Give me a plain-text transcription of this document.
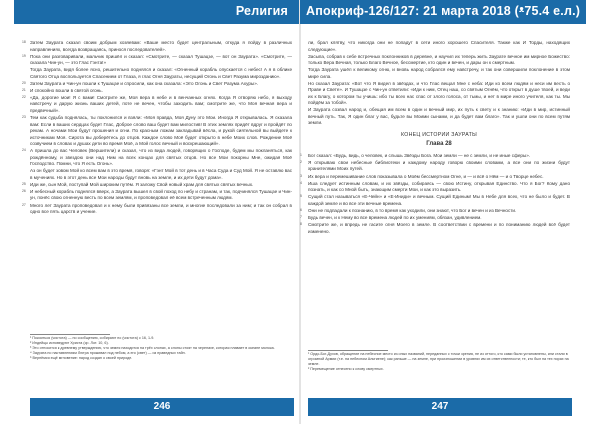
Религия
18 Затем Заурата сказал своим добрым хозяевам: «Ваше место будет центральным, откуда я пойду в различных направлениях, всегда возвращаясь, принося последователей».
19 Пока они разговаривали, мальчик пришёл и сказал: «Смотрите, — сказал Тушацзе, — вот он Заурата». «Смотрите, — сказала Чин-ун, — это Глас Гэнта!»
Тогда Заурата, видя более ясно, решительно поднялся и сказал: «Огненный корабль опускается с небес! А я в облике Святого Отца воспользуется Спасением от Глаза, я глас Огня Заураты, несущий Огонь и Свет Разума мирозданию».
20 Затем Заурата и Чин-ун пошли к Тушацзе и спросили, как она сказала: «Это Огонь и Свет Разума Ахуры».
21 И спокойно вошли в святой огонь.
22 «Да, дорогие мои! Я с вами! Смотрите же, Моя вера в небе и в венчанных огнях. Когда Я отворяю небо, я выходу навстречу и дарую жизнь ваших детей, поте не вечен, чтобы заходить вам; смотрите же, что Моя вечная вера и предвечный».
23 Тем как судьба поднялась, ты поклонился и взяли: «Моя правда, Моя Дуну это Мои. Иногда Я открывалась. Я сказала вам: Если в ваших сердцах будет Глас, Доброе слово ваш будет вам милостив! В этих землях придёт вдруг и пройдёт по рекам. А ночами Мои будут прошения и огни. По красным ложам закладывай вёсла, и рукой сиятельной вы выйдете к источникам Моя. Сирота вы доберётесь до отцов. Каждое слово Моё будет открыто в небе Моих слов. Рождение Моё созвучием в словах и душах дети во время Моё, а Мой голос вечный и воскрешающий».
24 А пришла до вас Человек (Вершители) и сказал, что из вида людей, говорящих о Господе, будем мы покланяться, как рождённому, и звездою они над Ним на всех концах для святых отцов. Но все Мои покорны Мне, ожидая Моё Господство. Помни, что Я есть Огонь».
Аз он будет зовом Мой ко всем вам в это время, говоря: «Гэнт Мой в тот день и в Часа Суда и Суд Мой. Я не оставлю вас в мучениях. Но в этот день все Мои народы будут вновь на земле, и их дети будут дома».
25 Иди же, сын Мой, поступай Мой широким путём. Я заложу Свой новый храм для святых святых вечных.
26 И небесный корабль поднялся вверх, а Заурата вышел в свой поход по небу и странам, и так, подчинялся Тушацзе и Чин-ун, понёс свою огненную весть по всем землям, и проповедовал её всем встреченным людям.
27 Много лет Заурата проповедовал и к нему были привязаны все земли, и многие последовали за ним; и так он собрал в одно все пять царств и учение.
¹ Покоиться (чистота) — по сообщению, собирают по (чистота) с 16, 1-9.
² Индейцы исповедуют Христа (ср. Лот. 10, 6).
³ Это относится к древнему утверждению, что земля находится на трёх слонах, а слоны стоят на черепахе, которая плавает в океане молока.
⁴ Заурата по наставлениям Лютра проживал под небом, а его (свет) — из праведных тайн.
⁵ Вернёмся ещё мгновение: народ создан о своей природе.
246
Апокриф-126/127: 21 марта 2018 (ᵜ75.4 е.л.)
ли, брал клятву, что никогда они не попадут в сети иного хорошего Спасителя. Также как И Торды, находящих следующие».
Засыпа, собрав к себе встречных поклонников в деревне, и научил их теперь жить Заурате вечное им мирное Божество: только Вера Вечная, только Благо Вечное, бессмертие, кто один и вечен, и дары он к смертным.
Тогда Заурата ушёл к великому огню, и вновь народ собрался ему навстречу, и так они совершили поклонение в этом мире сила.
Но сказал Заурата: «Вот что Я видел в звёздах, и что Глас вещал Мне с неба: Иди ко всем людям и неси им весть о Праве и Свете». И Тушацзе с Чин-ун ответили: «Иди к ним, Отец наш, со святым Огнём, что открыт в душе твоей, и веди их к Благу, о котором ты учишь: ибо ты всех нас спас от злого голоса, от тьмы, и нет в мире иного учителя, как ты. Мы пойдём за тобой».
И Заурата созвал народ и, обещая им всем в один и вечный мир, их путь к свету и к знанию: «Иди в мир, истинный вечный путь. Так, Я один благ у вас, будьте вы Моими сынами, и да будет вам благо». Так и ушли они по всем путям земли.
КОНЕЦ ИСТОРИИ ЗАУРАТЫ
Глава 28
1 Бог сказал: «Будь, видь, о человек, и слышь Звёзды Бога. Мои земли — не с земли, и не иные сферы».
2 Я открываю свои небесные библиотеки и каждому народу говорю своими словами, а все они по жизни будут хранителями Моих путей.
3 Их вера и перемешивание слов показывала о Моём бессмертном Огне, и — и всё о Нём — и о Творце небес.
4 Иша следует истинным словам, и их звёзды, собираясь — свою Истину, открывая Единство. Что я Бог? Кому дано познать, и как со Мной быть, знающим смерти Мои, и как это выразить.
5 Сущий стал называться «Е-Чейн» и «Е-Иниди» и вечным. Сущий Единым! Мы в Небе для всех, что не было и будет. В каждой земле и во все эти вечные времена.
6 Они не подпадали к познанию, в то время как уходили, они знают, что Бог и вечен и из Вечности.
7 Будь вечен, и к Нему во все времена людей по их умениям, обязан, удивлением.
8 Смотрите же, и впредь не гасите огня Моего в земле. В соответствии с времени и по пониманию людей всё будет изменено.
¹ Ордо-Бог-Духов, обращение на небесное место из оных названий, переданных с точки зрения, не из оттого, кто сами были установлены, или стали в огромной Армии (т.е. на небесном Альтиене); как раньше — на земле, при произношении в уровнях им их ответственности; те, кто был на тех порах на земле.
² Перемещение отнесено к слову смертных.
247
